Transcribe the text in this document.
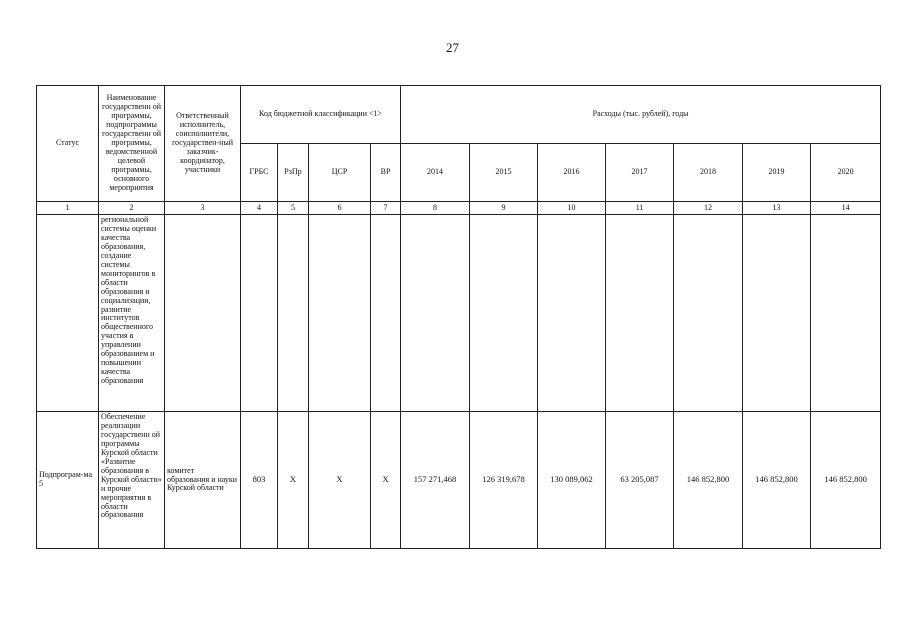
27
Статус	Наименование государственн ой программы, подпрограммы государственн ой программы, ведомственной целевой программы, основного мероприятия	Ответственный исполнитель, соисполнители, государствен-ный заказчик-координатор, участники	Код бюджетной классификации <1>				Расходы (тыс. рублей), годы						
			ГРБС	РзПр	ЦСР	ВР	2014	2015	2016	2017	2018	2019	2020
1	2	3	4	5	6	7	8	9	10	11	12	13	14
	региональной системы оценки качества образования, создание системы мониторингов в области образования и социализации, развитие институтов общественного участия в управлении образованием и повышении качества образования												
Подпрограм-ма 5	Обеспечение реализации государственн ой программы Курской области «Развитие образования в Курской области» и прочие мероприятия в области образования	комитет образования и науки Курской области	803	X	X	X	157 271,468	126 319,678	130 089,062	63 205,087	146 852,800	146 852,800	146 852,800
